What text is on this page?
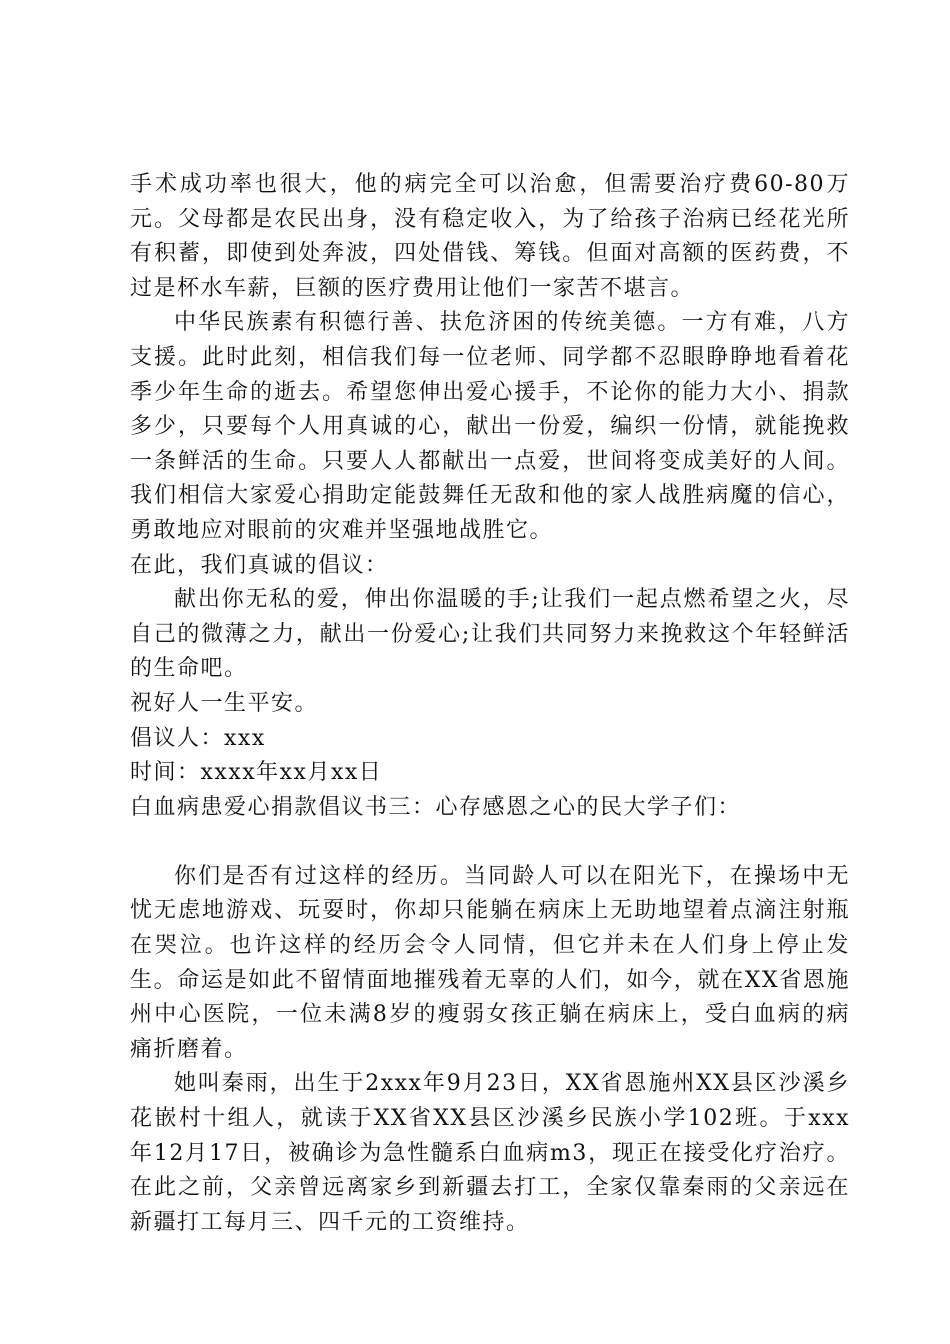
手术成功率也很大，他的病完全可以治愈，但需要治疗费60-80万元。父母都是农民出身，没有稳定收入，为了给孩子治病已经花光所有积蓄，即使到处奔波，四处借钱、筹钱。但面对高额的医药费，不过是杯水车薪，巨额的医疗费用让他们一家苦不堪言。

中华民族素有积德行善、扶危济困的传统美德。一方有难，八方支援。此时此刻，相信我们每一位老师、同学都不忍眼睁睁地看着花季少年生命的逝去。希望您伸出爱心援手，不论你的能力大小、捐款多少，只要每个人用真诚的心，献出一份爱，编织一份情，就能挽救一条鲜活的生命。只要人人都献出一点爱，世间将变成美好的人间。我们相信大家爱心捐助定能鼓舞任无敌和他的家人战胜病魔的信心，勇敢地应对眼前的灾难并坚强地战胜它。

在此，我们真诚的倡议：

献出你无私的爱，伸出你温暖的手;让我们一起点燃希望之火，尽自己的微薄之力，献出一份爱心;让我们共同努力来挽救这个年轻鲜活的生命吧。

祝好人一生平安。

倡议人：xxx

时间：xxxx年xx月xx日

白血病患爱心捐款倡议书三：心存感恩之心的民大学子们：

你们是否有过这样的经历。当同龄人可以在阳光下，在操场中无忧无虑地游戏、玩耍时，你却只能躺在病床上无助地望着点滴注射瓶在哭泣。也许这样的经历会令人同情，但它并未在人们身上停止发生。命运是如此不留情面地摧残着无辜的人们，如今，就在XX省恩施州中心医院，一位未满8岁的瘦弱女孩正躺在病床上，受白血病的病痛折磨着。

她叫秦雨，出生于2xxx年9月23日，XX省恩施州XX县区沙溪乡花嵌村十组人，就读于XX省XX县区沙溪乡民族小学102班。于xxx年12月17日，被确诊为急性髓系白血病m3，现正在接受化疗治疗。在此之前，父亲曾远离家乡到新疆去打工，全家仅靠秦雨的父亲远在新疆打工每月三、四千元的工资维持。
